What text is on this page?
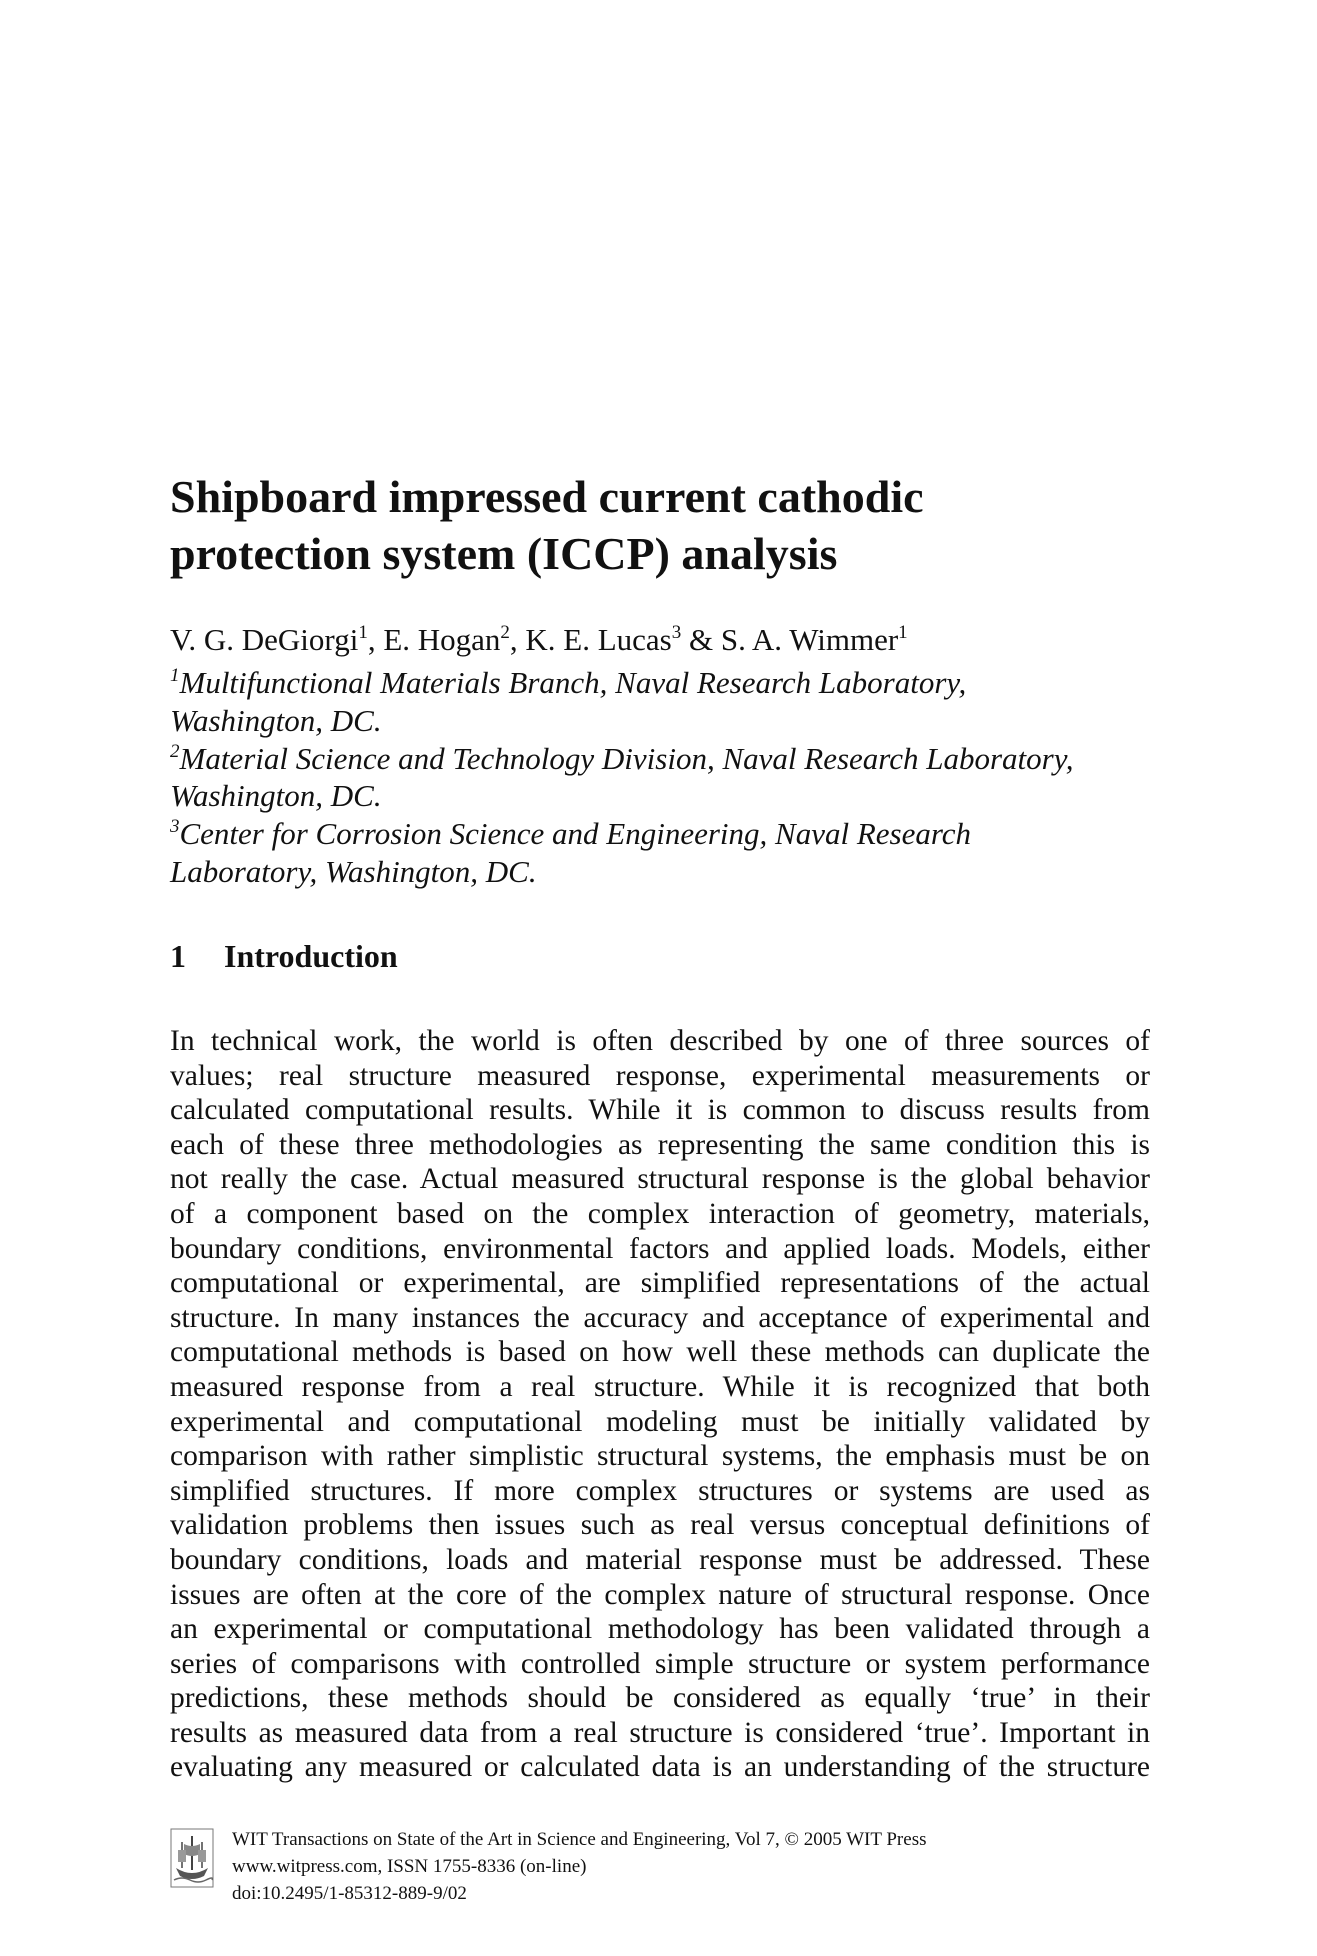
Shipboard impressed current cathodic
protection system (ICCP) analysis
V. G. DeGiorgi$^1$, E. Hogan$^2$, K. E. Lucas$^3$ & S. A. Wimmer$^1$
$^1$Multifunctional Materials Branch, Naval Research Laboratory,
Washington, DC.
$^2$Material Science and Technology Division, Naval Research Laboratory,
Washington, DC.
$^3$Center for Corrosion Science and Engineering, Naval Research
Laboratory, Washington, DC.
1 Introduction
In technical work, the world is often described by one of three sources of
values; real structure measured response, experimental measurements or
calculated computational results. While it is common to discuss results from
each of these three methodologies as representing the same condition this is
not really the case. Actual measured structural response is the global behavior
of a component based on the complex interaction of geometry, materials,
boundary conditions, environmental factors and applied loads. Models, either
computational or experimental, are simplified representations of the actual
structure. In many instances the accuracy and acceptance of experimental and
computational methods is based on how well these methods can duplicate the
measured response from a real structure. While it is recognized that both
experimental and computational modeling must be initially validated by
comparison with rather simplistic structural systems, the emphasis must be on
simplified structures. If more complex structures or systems are used as
validation problems then issues such as real versus conceptual definitions of
boundary conditions, loads and material response must be addressed. These
issues are often at the core of the complex nature of structural response. Once
an experimental or computational methodology has been validated through a
series of comparisons with controlled simple structure or system performance
predictions, these methods should be considered as equally ‘true’ in their
results as measured data from a real structure is considered ‘true’. Important in
evaluating any measured or calculated data is an understanding of the structure
WIT Transactions on State of the Art in Science and Engineering, Vol 7, © 2005 WIT Press
www.witpress.com, ISSN 1755-8336 (on-line)
doi:10.2495/1-85312-889-9/02
